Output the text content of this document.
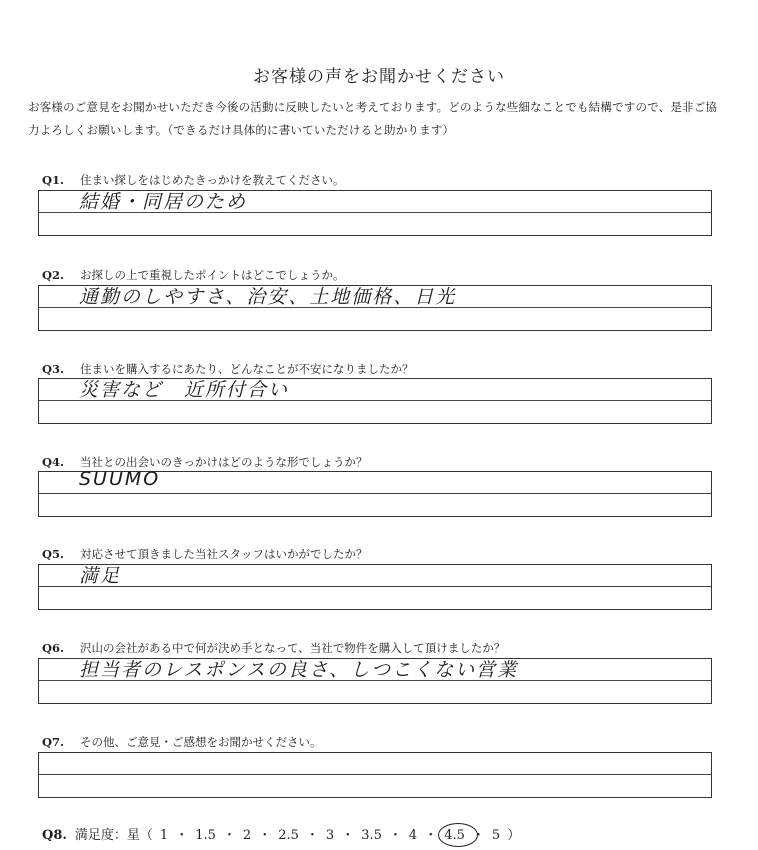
お客様の声をお聞かせください
お客様のご意見をお聞かせいただき今後の活動に反映したいと考えております。どのような些細なことでも結構ですので、是非ご協力よろしくお願いします。（できるだけ具体的に書いていただけると助かります）
Q1. 住まい探しをはじめたきっかけを教えてください。
結婚・同居のため
Q2. お探しの上で重視したポイントはどこでしょうか。
通勤のしやすさ、治安、土地価格、日光
Q3. 住まいを購入するにあたり、どんなことが不安になりましたか？
災害など　近所付合い
Q4. 当社との出会いのきっかけはどのような形でしょうか？
SUUMO
Q5. 対応させて頂きました当社スタッフはいかがでしたか？
満足
Q6. 沢山の会社がある中で何が決め手となって、当社で物件を購入して頂けましたか？
担当者のレスポンスの良さ、しつこくない営業
Q7. その他、ご意見・ご感想をお聞かせください。
Q8. 満足度：星（ 1 ・ 1.5 ・ 2 ・ 2.5 ・ 3 ・ 3.5 ・ 4 ・ 4.5 ・ 5 ）
